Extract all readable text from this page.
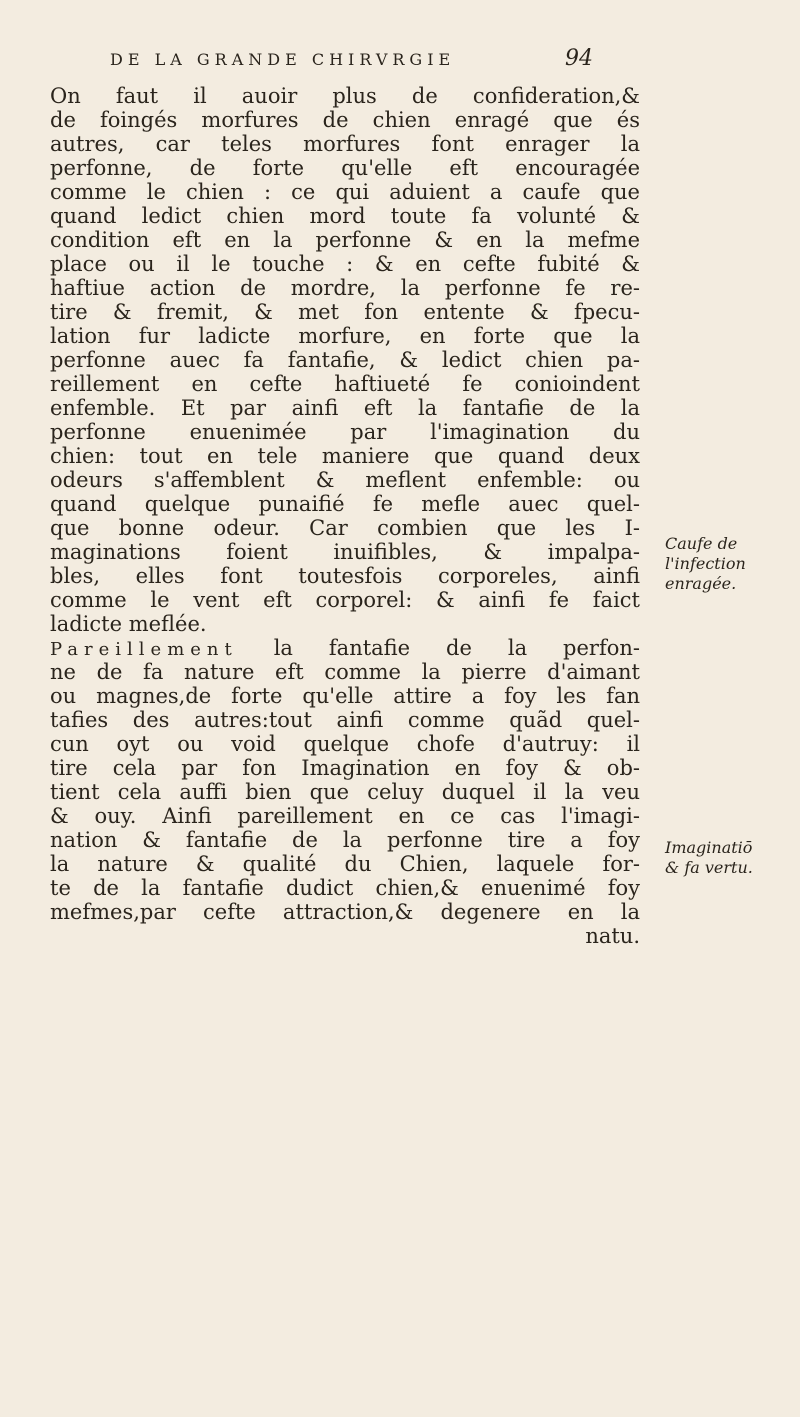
DE LA GRANDE CHIRVRGIE	94
On faut il auoir plus de confideration,&
de foingés morfures de chien enragé que és
autres, car teles morfures font enrager la
perfonne, de forte qu'elle eft encouragée
comme le chien : ce qui aduient a caufe que
quand ledict chien mord toute fa volunté &
condition eft en la perfonne & en la mefme
place ou il le touche : & en cefte fubité &
haftiue action de mordre, la perfonne fe re-
tire & fremit, & met fon entente & fpecu-
lation fur ladicte morfure, en forte que la
perfonne auec fa fantafie, & ledict chien pa-
reillement en cefte haftiueté fe conioindent
enfemble. Et par ainfi eft la fantafie de la
perfonne enuenimée par l'imagination du
chien: tout en tele maniere que quand deux
odeurs s'affemblent & meflent enfemble: ou
quand quelque punaifié fe mefle auec quel-
que bonne odeur. Car combien que les I-
maginations foient inuifibles, & impalpa-
bles, elles font toutesfois corporeles, ainfi
comme le vent eft corporel: & ainfi fe faict
ladicte meflée.
Pareillement la fantafie de la perfon-
ne de fa nature eft comme la pierre d'aimant
ou magnes,de forte qu'elle attire a foy les fan
tafies des autres:tout ainfi comme quãd quel-
cun oyt ou void quelque chofe d'autruy: il
tire cela par fon Imagination en foy & ob-
tient cela auffi bien que celuy duquel il la veu
& ouy. Ainfi pareillement en ce cas l'imagi-
nation & fantafie de la perfonne tire a foy
la nature & qualité du Chien, laquele for-
te de la fantafie dudict chien,& enuenimé foy
mefmes,par cefte attraction,& degenere en la
natu.
Caufe de
l'infection
enragée.
Imaginatiō
& fa vertu.
